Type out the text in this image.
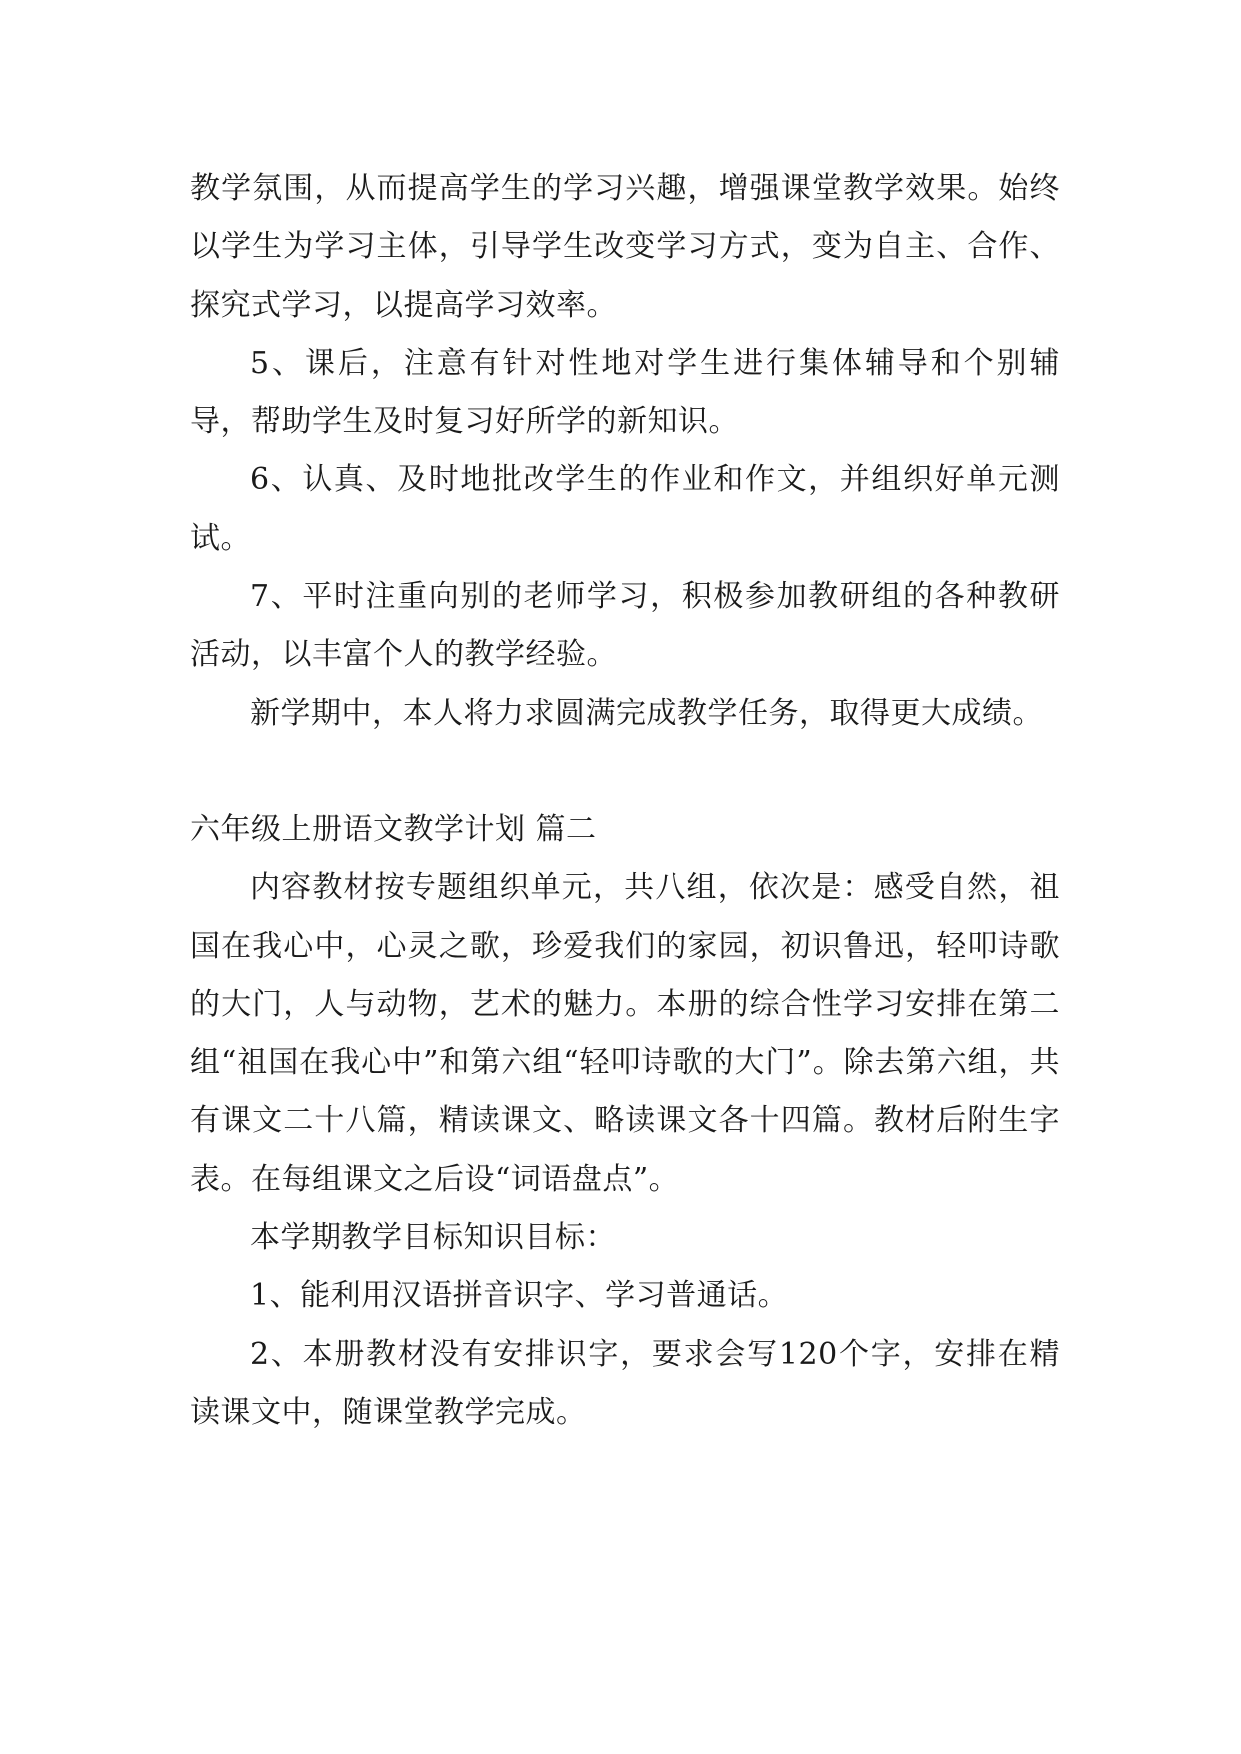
教学氛围，从而提高学生的学习兴趣，增强课堂教学效果。始终以学生为学习主体，引导学生改变学习方式，变为自主、合作、探究式学习，以提高学习效率。

5、课后，注意有针对性地对学生进行集体辅导和个别辅导，帮助学生及时复习好所学的新知识。

6、认真、及时地批改学生的作业和作文，并组织好单元测试。

7、平时注重向别的老师学习，积极参加教研组的各种教研活动，以丰富个人的教学经验。

新学期中，本人将力求圆满完成教学任务，取得更大成绩。

六年级上册语文教学计划 篇二

内容教材按专题组织单元，共八组，依次是：感受自然，祖国在我心中，心灵之歌，珍爱我们的家园，初识鲁迅，轻叩诗歌的大门，人与动物，艺术的魅力。本册的综合性学习安排在第二组“祖国在我心中”和第六组“轻叩诗歌的大门”。除去第六组，共有课文二十八篇，精读课文、略读课文各十四篇。教材后附生字表。在每组课文之后设“词语盘点”。

本学期教学目标知识目标：

1、能利用汉语拼音识字、学习普通话。

2、本册教材没有安排识字，要求会写120个字，安排在精读课文中，随课堂教学完成。
